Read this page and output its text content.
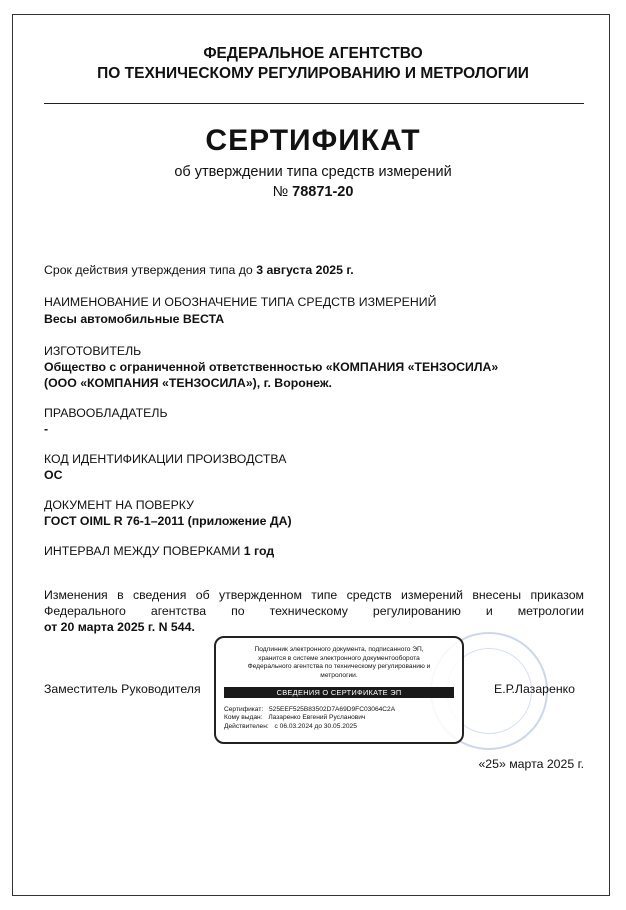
ФЕДЕРАЛЬНОЕ АГЕНТСТВО
ПО ТЕХНИЧЕСКОМУ РЕГУЛИРОВАНИЮ И МЕТРОЛОГИИ
СЕРТИФИКАТ
об утверждении типа средств измерений
№ 78871-20
Срок действия утверждения типа до 3 августа 2025 г.
НАИМЕНОВАНИЕ И ОБОЗНАЧЕНИЕ ТИПА СРЕДСТВ ИЗМЕРЕНИЙ
Весы автомобильные ВЕСТА
ИЗГОТОВИТЕЛЬ
Общество с ограниченной ответственностью «КОМПАНИЯ «ТЕНЗОСИЛА»
(ООО «КОМПАНИЯ «ТЕНЗОСИЛА»), г. Воронеж.
ПРАВООБЛАДАТЕЛЬ
-
КОД ИДЕНТИФИКАЦИИ ПРОИЗВОДСТВА
ОС
ДОКУМЕНТ НА ПОВЕРКУ
ГОСТ OIML R 76-1–2011 (приложение ДА)
ИНТЕРВАЛ МЕЖДУ ПОВЕРКАМИ 1 год
Изменения в сведения об утвержденном типе средств измерений внесены приказом
Федерального агентства по техническому регулированию и метрологии
от 20 марта 2025 г. N 544.
Заместитель Руководителя	Е.Р.Лазаренко
Подлинник электронного документа, подписанного ЭП,
хранится в системе электронного документооборота
Федерального агентства по техническому регулированию и
метрологии.
СВЕДЕНИЯ О СЕРТИФИКАТЕ ЭП
Сертификат: 525EEF525B83502D7A69D9FC03064C2A
Кому выдан: Лазаренко Евгений Русланович
Действителен: с 06.03.2024 до 30.05.2025
«25» марта 2025 г.
